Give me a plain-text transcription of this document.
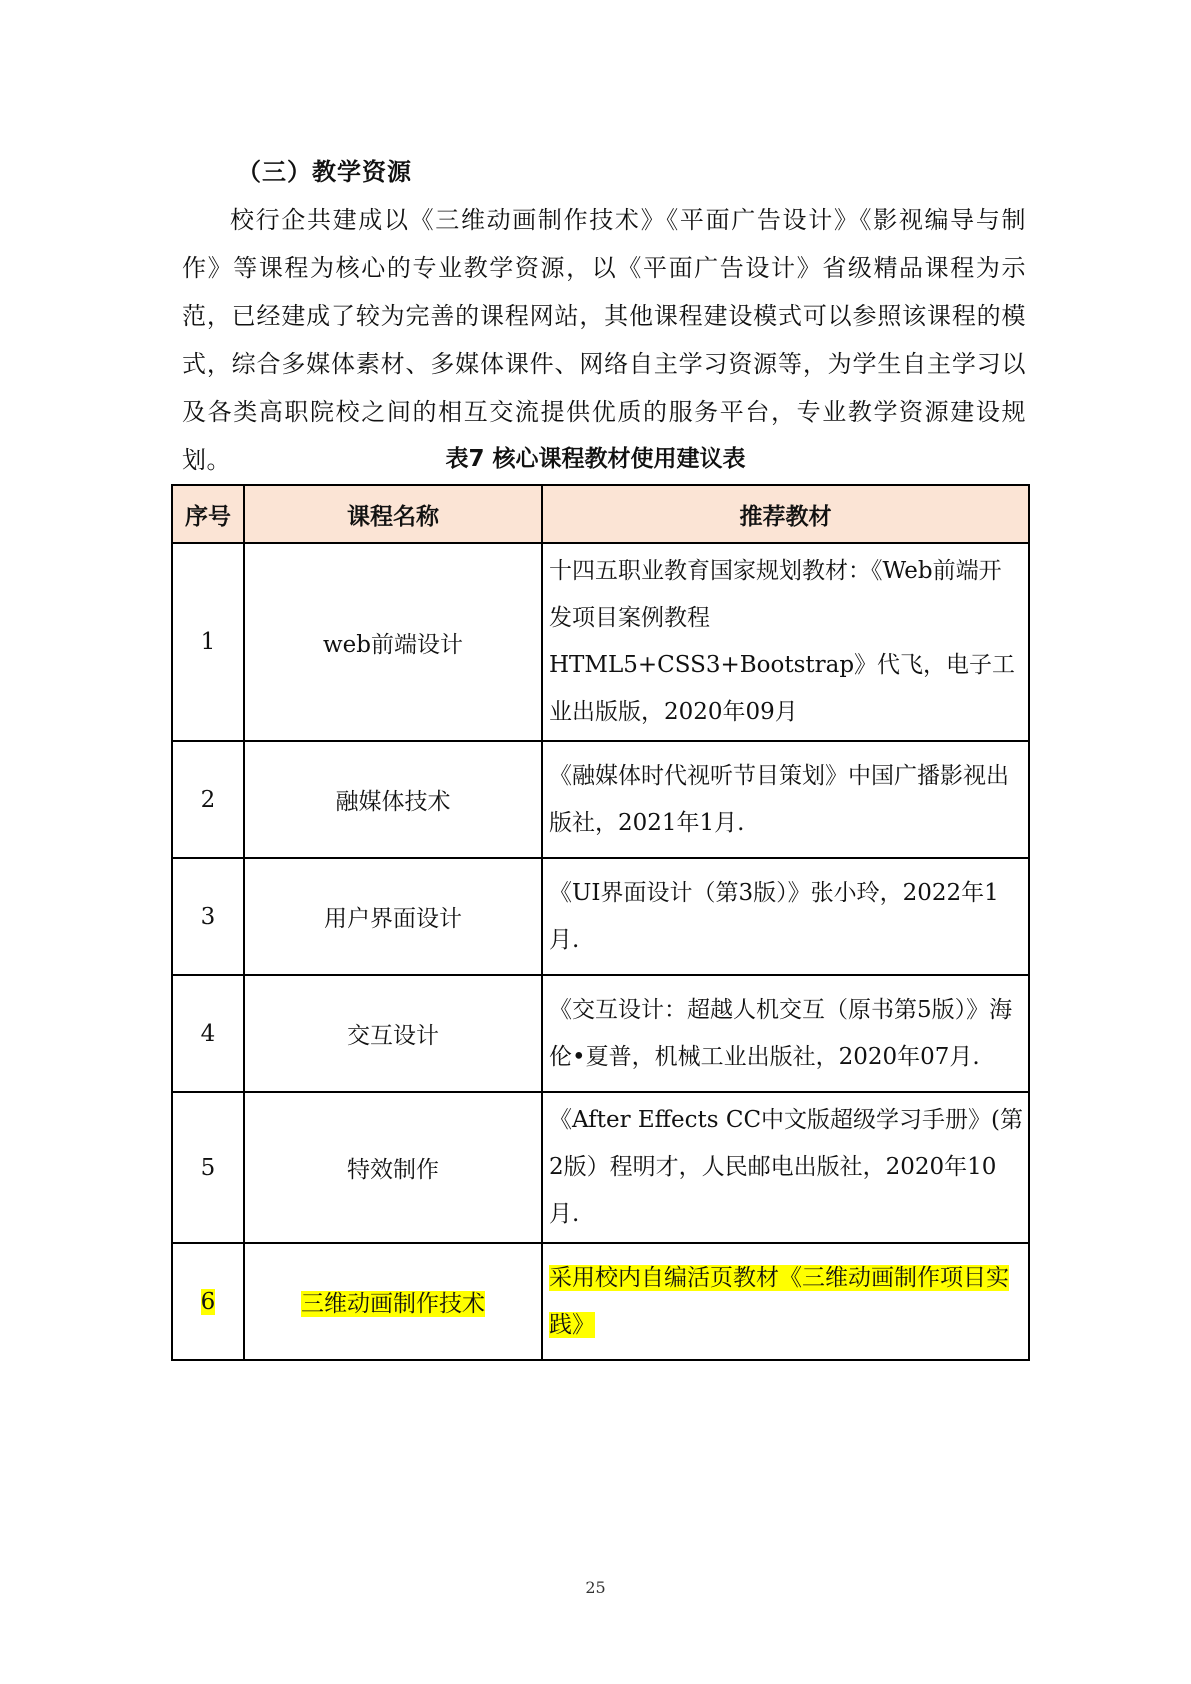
（三）教学资源

校行企共建成以《三维动画制作技术》《平面广告设计》《影视编导与制作》等课程为核心的专业教学资源，以《平面广告设计》省级精品课程为示范，已经建成了较为完善的课程网站，其他课程建设模式可以参照该课程的模式，综合多媒体素材、多媒体课件、网络自主学习资源等，为学生自主学习以及各类高职院校之间的相互交流提供优质的服务平台，专业教学资源建设规划。	表7 核心课程教材使用建议表
序号	课程名称	推荐教材
1	web前端设计	十四五职业教育国家规划教材：《Web前端开发项目案例教程 HTML5+CSS3+Bootstrap》代飞，电子工业出版版，2020年09月
2	融媒体技术	《融媒体时代视听节目策划》中国广播影视出版社，2021年1月.
3	用户界面设计	《UI界面设计（第3版）》张小玲，2022年1月.
4	交互设计	《交互设计：超越人机交互（原书第5版）》海伦•夏普，机械工业出版社，2020年07月.
5	特效制作	《After Effects CC中文版超级学习手册》(第2版）程明才，人民邮电出版社，2020年10月.
6	三维动画制作技术	采用校内自编活页教材《三维动画制作项目实践》
25
